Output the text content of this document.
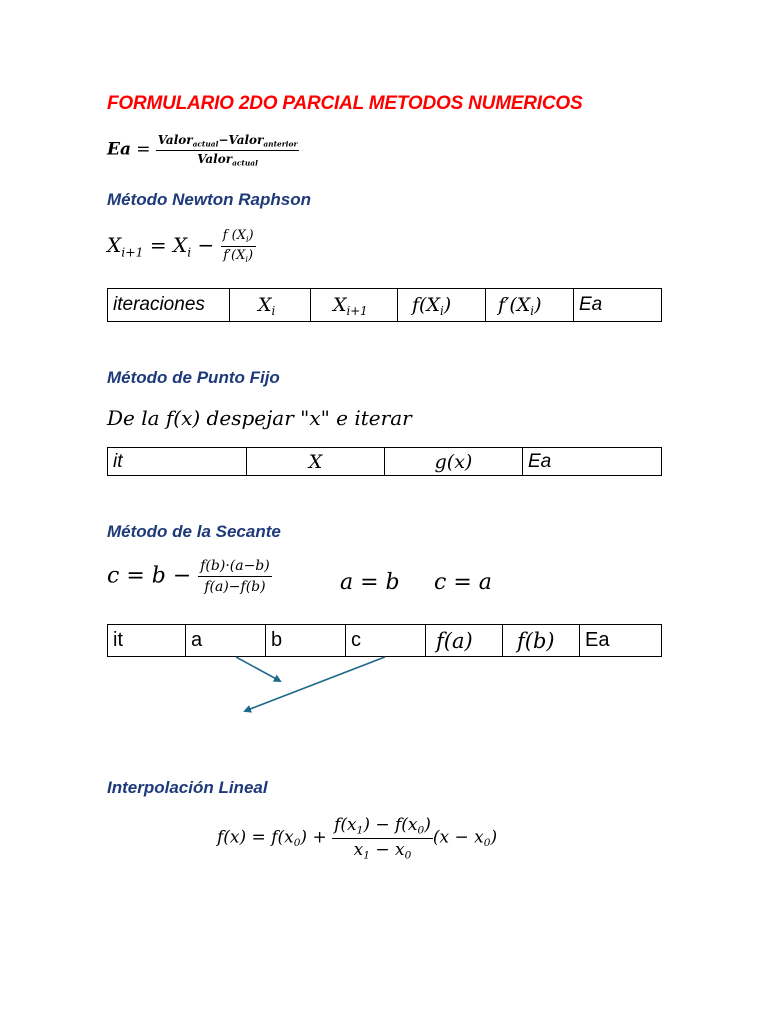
FORMULARIO 2DO PARCIAL METODOS NUMERICOS
$Ea = \frac{Valor_{actual}-Valor_{anterior}}{Valor_{actual}}$
Método Newton Raphson
$X_{i+1} = X_i - \frac{f (X_i)}{f'(X_i)}$
iteraciones	$X_i$	$X_{i+1}$	$f(X_i)$	$f'(X_i)$	Ea
Método de Punto Fijo
De la f(x) despejar "x" e iterar
it	X	g(x)	Ea
Método de la Secante
$c = b - \frac{f(b)\cdot(a-b)}{f(a)-f(b)}$	a = b c = a
it	a	b	c	f(a)	f(b)	Ea
Interpolación Lineal
$f(x) = f(x_0) + \frac{f(x_1) - f(x_0)}{x_1 - x_0} (x - x_0)$
